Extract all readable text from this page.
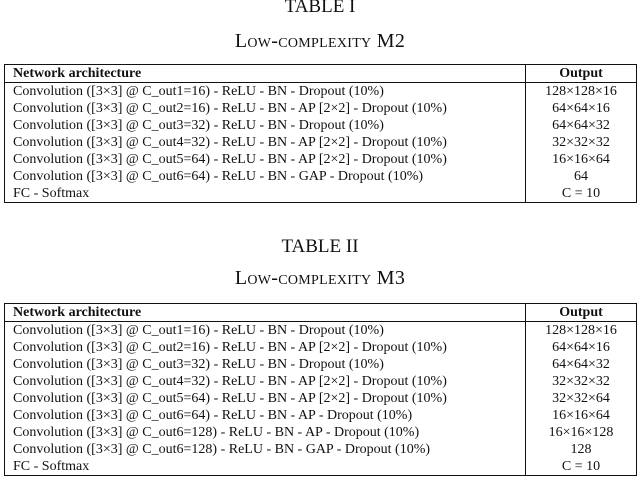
TABLE I
Low-complexity M2
Network architecture	Output
Convolution ([3×3] @ C_out1=16) - ReLU - BN - Dropout (10%)	128×128×16
Convolution ([3×3] @ C_out2=16) - ReLU - BN - AP [2×2] - Dropout (10%)	64×64×16
Convolution ([3×3] @ C_out3=32) - ReLU - BN - Dropout (10%)	64×64×32
Convolution ([3×3] @ C_out4=32) - ReLU - BN - AP [2×2] - Dropout (10%)	32×32×32
Convolution ([3×3] @ C_out5=64) - ReLU - BN - AP [2×2] - Dropout (10%)	16×16×64
Convolution ([3×3] @ C_out6=64) - ReLU - BN - GAP - Dropout (10%)	64
FC - Softmax	C = 10
TABLE II
Low-complexity M3
Network architecture	Output
Convolution ([3×3] @ C_out1=16) - ReLU - BN - Dropout (10%)	128×128×16
Convolution ([3×3] @ C_out2=16) - ReLU - BN - AP [2×2] - Dropout (10%)	64×64×16
Convolution ([3×3] @ C_out3=32) - ReLU - BN - Dropout (10%)	64×64×32
Convolution ([3×3] @ C_out4=32) - ReLU - BN - AP [2×2] - Dropout (10%)	32×32×32
Convolution ([3×3] @ C_out5=64) - ReLU - BN - AP [2×2] - Dropout (10%)	32×32×64
Convolution ([3×3] @ C_out6=64) - ReLU - BN - AP - Dropout (10%)	16×16×64
Convolution ([3×3] @ C_out6=128) - ReLU - BN - AP - Dropout (10%)	16×16×128
Convolution ([3×3] @ C_out6=128) - ReLU - BN - GAP - Dropout (10%)	128
FC - Softmax	C = 10
